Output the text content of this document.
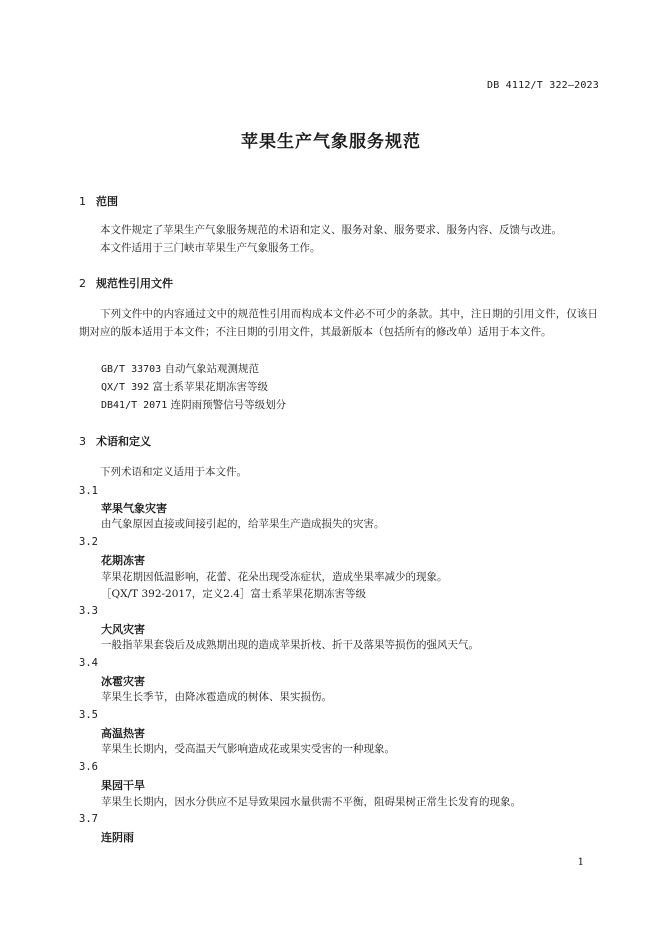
DB 4112/T 322—2023
苹果生产气象服务规范
1 范围
本文件规定了苹果生产气象服务规范的术语和定义、服务对象、服务要求、服务内容、反馈与改进。
本文件适用于三门峡市苹果生产气象服务工作。
2 规范性引用文件
下列文件中的内容通过文中的规范性引用而构成本文件必不可少的条款。其中，注日期的引用文件，仅该日期对应的版本适用于本文件；不注日期的引用文件，其最新版本（包括所有的修改单）适用于本文件。
GB/T 33703 自动气象站观测规范
QX/T 392 富士系苹果花期冻害等级
DB41/T 2071 连阴雨预警信号等级划分
3 术语和定义
下列术语和定义适用于本文件。
3.1
苹果气象灾害
由气象原因直接或间接引起的，给苹果生产造成损失的灾害。
3.2
花期冻害
苹果花期因低温影响，花蕾、花朵出现受冻症状，造成坐果率减少的现象。
［QX/T 392-2017，定义2.4］富士系苹果花期冻害等级
3.3
大风灾害
一般指苹果套袋后及成熟期出现的造成苹果折枝、折干及落果等损伤的强风天气。
3.4
冰雹灾害
苹果生长季节，由降冰雹造成的树体、果实损伤。
3.5
高温热害
苹果生长期内，受高温天气影响造成花或果实受害的一种现象。
3.6
果园干旱
苹果生长期内，因水分供应不足导致果园水量供需不平衡，阻碍果树正常生长发育的现象。
3.7
连阴雨
1
